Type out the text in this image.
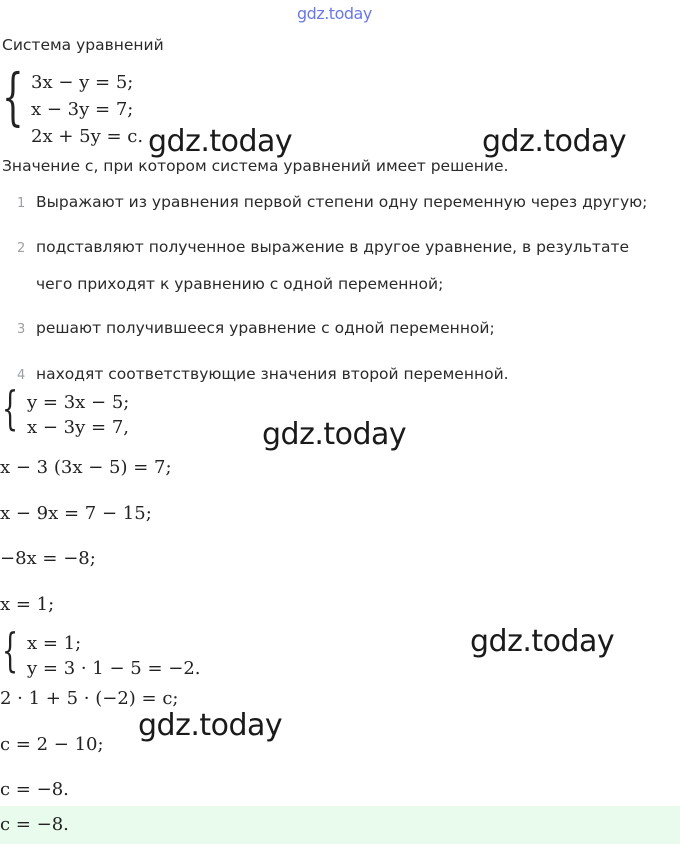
gdz.today
Система уравнений
{ 3x − y = 5;
x − 3y = 7;
2x + 5y = c. gdz.today	gdz.today
Значение c, при котором система уравнений имеет решение.
1 Выражают из уравнения первой степени одну переменную через другую;
2 подставляют полученное выражение в другое уравнение, в результате
чего приходят к уравнению с одной переменной;
3 решают получившееся уравнение с одной переменной;
4 находят соответствующие значения второй переменной.
{ y = 3x − 5;
x − 3y = 7,	gdz.today
x − 3 (3x − 5) = 7;
x − 9x = 7 − 15;
−8x = −8;
x = 1;
{ x = 1;
y = 3 · 1 − 5 = −2.
gdz.today
2 · 1 + 5 · (−2) = c;
gdz.today
c = 2 − 10;
c = −8.
c = −8.
